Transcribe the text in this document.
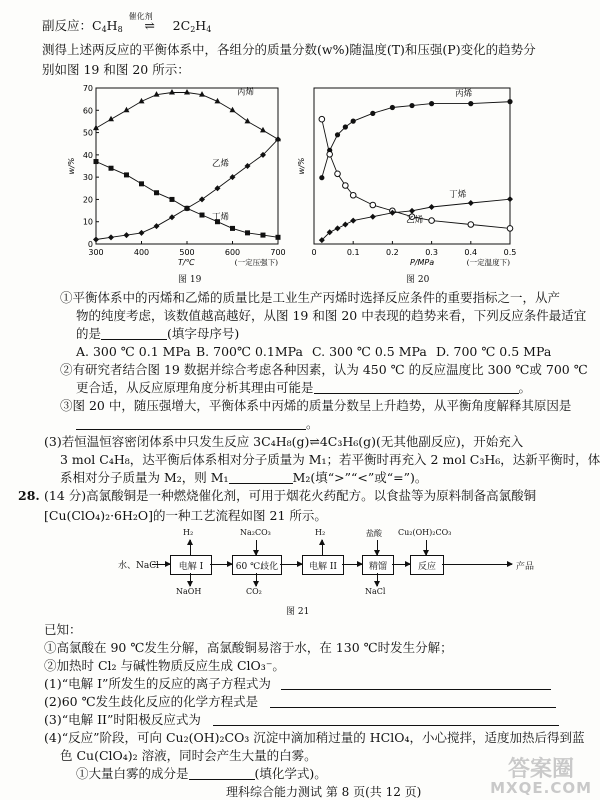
副反应：$C_4H_8$
催化剂
⇌ $2C_2H_4$
测得上述两反应的平衡体系中，各组分的质量分数(w%)随温度(T)和压强(P)变化的趋势分
别如图 19 和图 20 所示：
300	400	500	600	700
0
10
20
30
40
50
60
70	丙烯
乙烯
丁烯
w/%
T/℃	(一定压强下)
图 19
0	0.1	0.2	0.3	0.4	0.5
丙烯
丁烯
乙烯
w/%
P/MPa	(一定温度下)
图 20
①平衡体系中的丙烯和乙烯的质量比是工业生产丙烯时选择反应条件的重要指标之一，从产
物的纯度考虑，该数值越高越好，从图 19 和图 20 中表现的趋势来看，下列反应条件最适宜
的是	(填字母序号)
A. 300 ℃ 0.1 MPa B. 700℃ 0.1MPa C. 300 ℃ 0.5 MPa D. 700 ℃ 0.5 MPa
②有研究者结合图 19 数据并综合考虑各种因素，认为 450 ℃ 的反应温度比 300 ℃或 700 ℃
更合适，从反应原理角度分析其理由可能是	。
③图 20 中，随压强增大，平衡体系中丙烯的质量分数呈上升趋势，从平衡角度解释其原因是
。
(3)若恒温恒容密闭体系中只发生反应 3C₄H₈(g)⇌4C₃H₆(g)(无其他副反应)，开始充入
3 mol C₄H₈，达平衡后体系相对分子质量为 M₁；若平衡时再充入 2 mol C₃H₆，达新平衡时，体
系相对分子质量为 M₂，则 M₁	M₂(填“>”“<”或“=”)。
28. (14 分)高氯酸铜是一种燃烧催化剂，可用于烟花火药配方。以食盐等为原料制备高氯酸铜
[Cu(ClO₄)₂·6H₂O]的一种工艺流程如图 21 所示。
水、NaCl	电解 I	60 ℃歧化	电解 II	精馏	反应	产品
H₂	Na₂CO₃	H₂	盐酸 Cu₂(OH)₂CO₃
NaOH	CO₂	NaCl
图 21
已知：
①高氯酸在 90 ℃发生分解，高氯酸铜易溶于水，在 130 ℃时发生分解；
②加热时 Cl₂ 与碱性物质反应生成 ClO₃⁻。
(1)“电解 I”所发生的反应的离子方程式为
(2)60 ℃发生歧化反应的化学方程式是
(3)“电解 II”时阳极反应式为
(4)“反应”阶段，可向 Cu₂(OH)₂CO₃ 沉淀中滴加稍过量的 HClO₄，小心搅拌，适度加热后得到蓝
色 Cu(ClO₄)₂ 溶液，同时会产生大量的白雾。
①大量白雾的成分是	(填化学式)。
理科综合能力测试 第 8 页(共 12 页)
答案圈
MXQE.COM
